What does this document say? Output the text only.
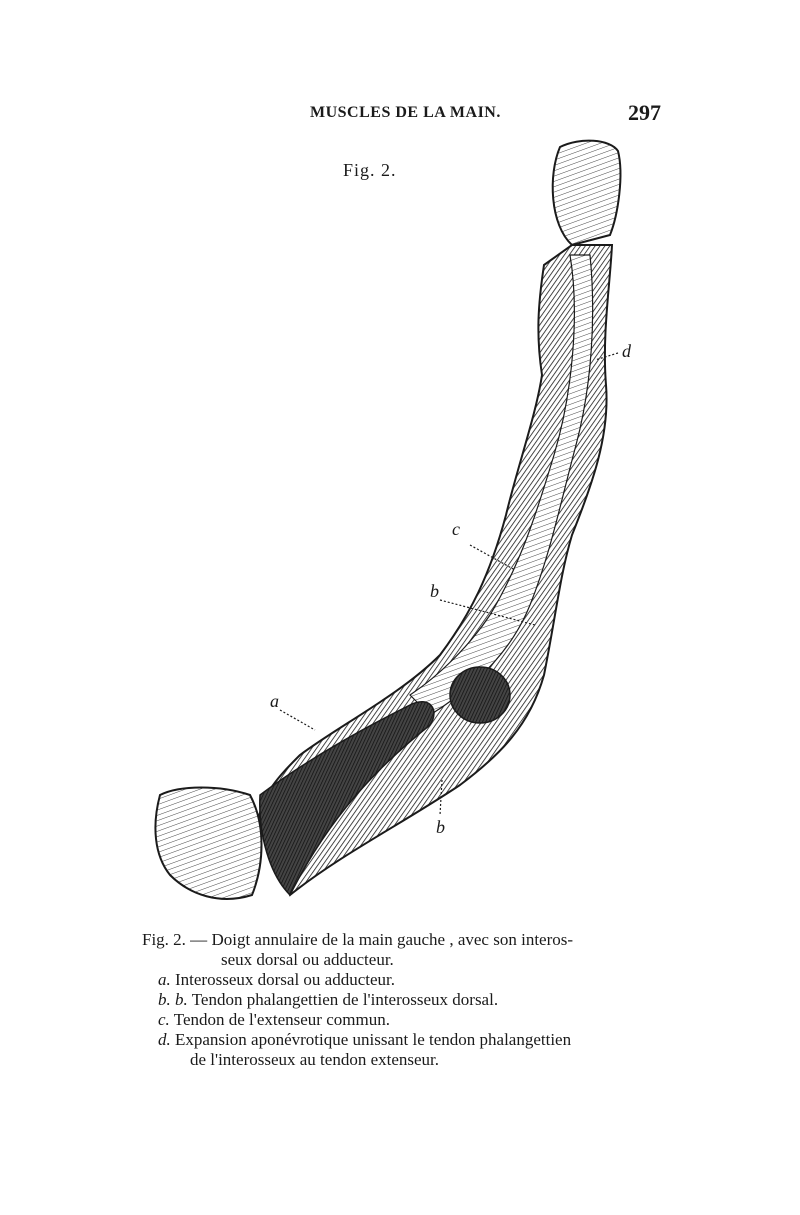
MUSCLES DE LA MAIN.	297
Fig. 2.
d
c
b
a
b
Fig. 2. — Doigt annulaire de la main gauche , avec son interos-
seux dorsal ou adducteur.
a. Interosseux dorsal ou adducteur.
b. b. Tendon phalangettien de l'interosseux dorsal.
c. Tendon de l'extenseur commun.
d. Expansion aponévrotique unissant le tendon phalangettien
de l'interosseux au tendon extenseur.
